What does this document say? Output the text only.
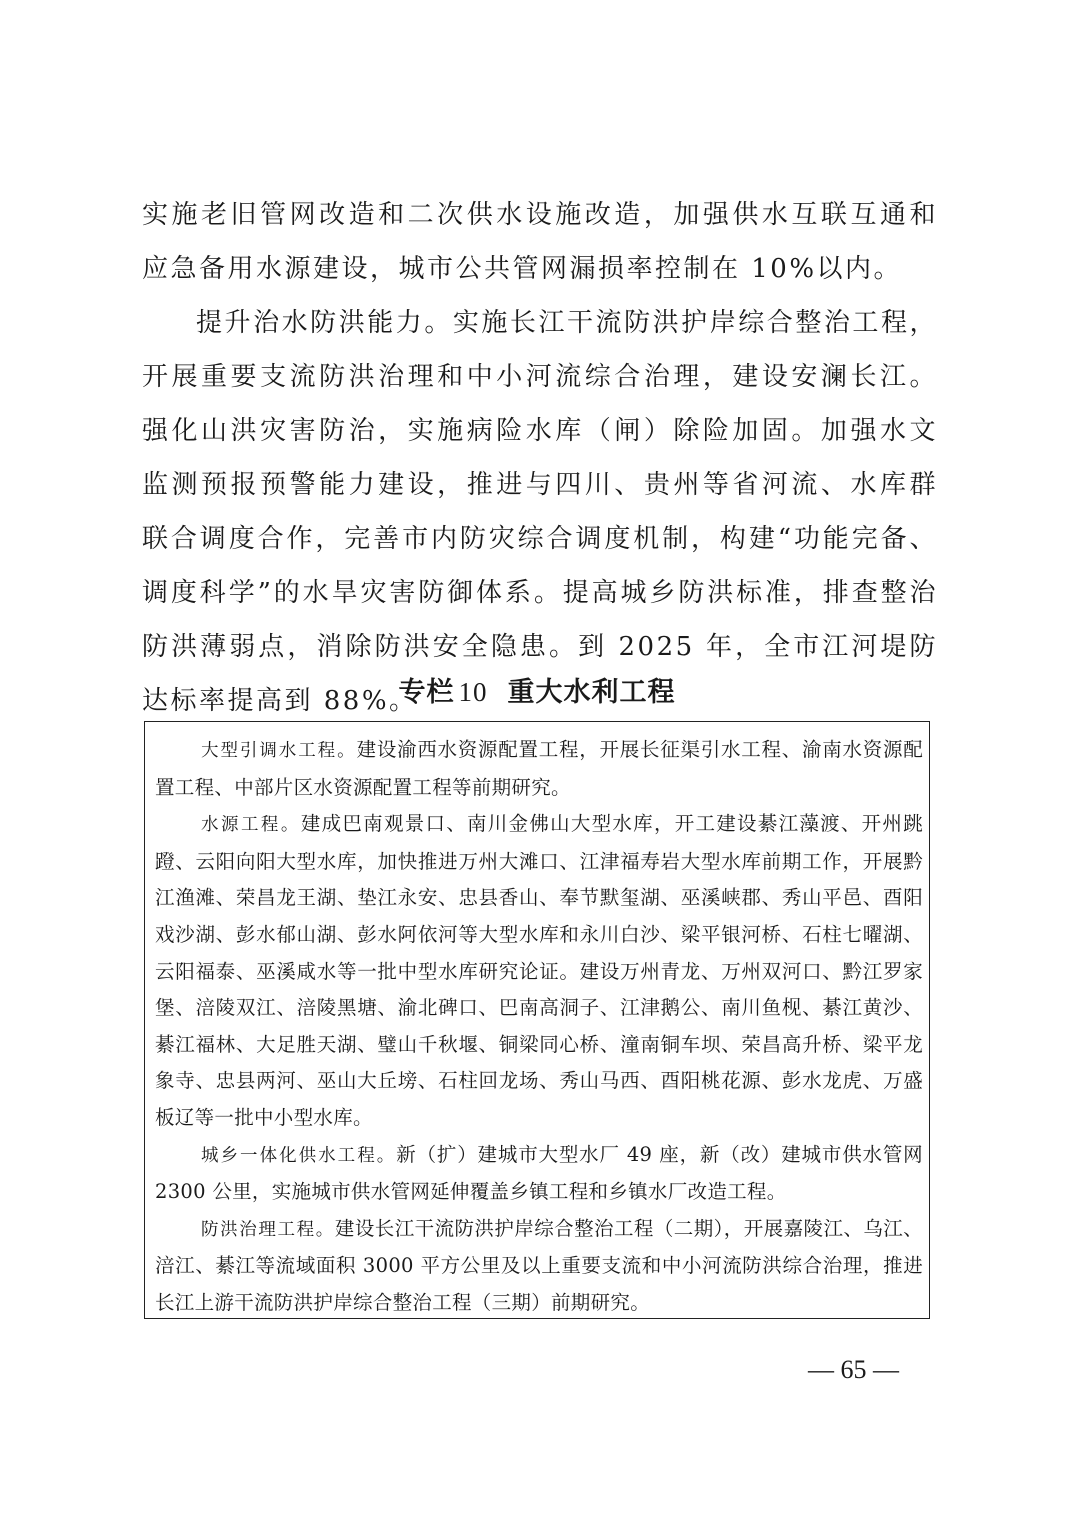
实施老旧管网改造和二次供水设施改造，加强供水互联互通和应急备用水源建设，城市公共管网漏损率控制在 10%以内。

提升治水防洪能力。实施长江干流防洪护岸综合整治工程，开展重要支流防洪治理和中小河流综合治理，建设安澜长江。强化山洪灾害防治，实施病险水库（闸）除险加固。加强水文监测预报预警能力建设，推进与四川、贵州等省河流、水库群联合调度合作，完善市内防灾综合调度机制，构建“功能完备、调度科学”的水旱灾害防御体系。提高城乡防洪标准，排查整治防洪薄弱点，消除防洪安全隐患。到 2025 年，全市江河堤防达标率提高到 88%。

专栏 10 重大水利工程

大型引调水工程。建设渝西水资源配置工程，开展长征渠引水工程、渝南水资源配置工程、中部片区水资源配置工程等前期研究。

水源工程。建成巴南观景口、南川金佛山大型水库，开工建设綦江藻渡、开州跳蹬、云阳向阳大型水库，加快推进万州大滩口、江津福寿岩大型水库前期工作，开展黔江渔滩、荣昌龙王湖、垫江永安、忠县香山、奉节默玺湖、巫溪峡郡、秀山平邑、酉阳戏沙湖、彭水郁山湖、彭水阿依河等大型水库和永川白沙、梁平银河桥、石柱七曜湖、云阳福泰、巫溪咸水等一批中型水库研究论证。建设万州青龙、万州双河口、黔江罗家堡、涪陵双江、涪陵黑塘、渝北碑口、巴南高洞子、江津鹅公、南川鱼枧、綦江黄沙、綦江福林、大足胜天湖、璧山千秋堰、铜梁同心桥、潼南铜车坝、荣昌高升桥、梁平龙象寺、忠县两河、巫山大丘塝、石柱回龙场、秀山马西、酉阳桃花源、彭水龙虎、万盛板辽等一批中小型水库。

城乡一体化供水工程。新（扩）建城市大型水厂 49 座，新（改）建城市供水管网 2300 公里，实施城市供水管网延伸覆盖乡镇工程和乡镇水厂改造工程。

防洪治理工程。建设长江干流防洪护岸综合整治工程（二期），开展嘉陵江、乌江、涪江、綦江等流域面积 3000 平方公里及以上重要支流和中小河流防洪综合治理，推进长江上游干流防洪护岸综合整治工程（三期）前期研究。

— 65 —
